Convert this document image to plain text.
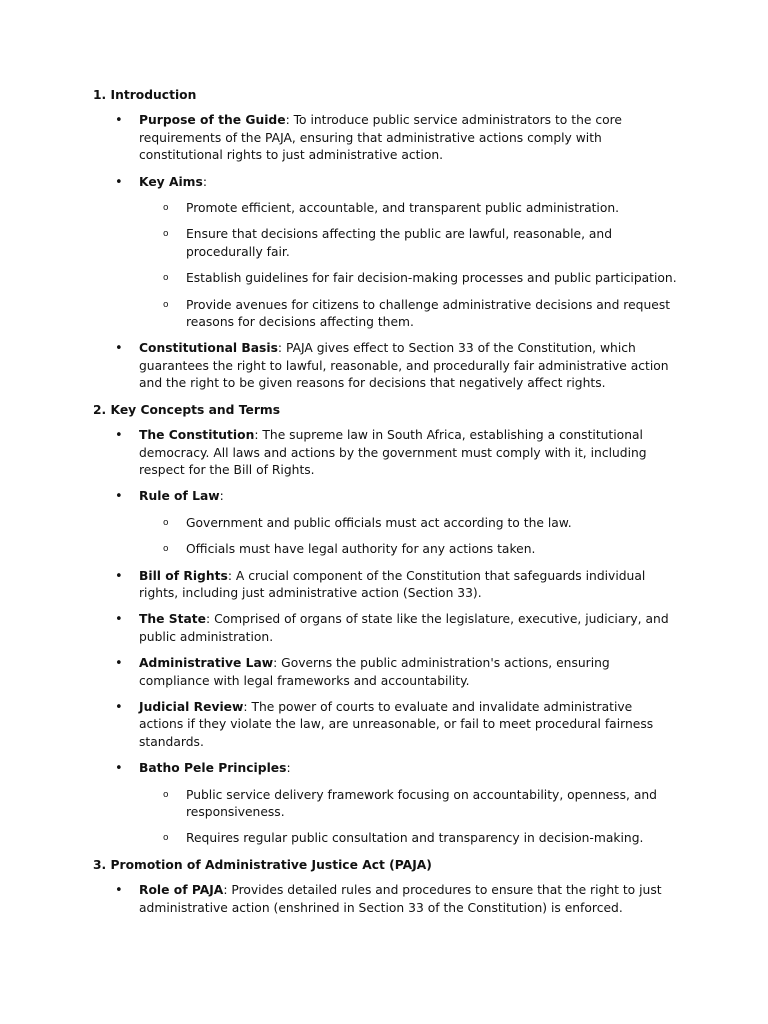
1. Introduction
• Purpose of the Guide: To introduce public service administrators to the core requirements of the PAJA, ensuring that administrative actions comply with constitutional rights to just administrative action.
• Key Aims:
o Promote efficient, accountable, and transparent public administration.
o Ensure that decisions affecting the public are lawful, reasonable, and procedurally fair.
o Establish guidelines for fair decision-making processes and public participation.
o Provide avenues for citizens to challenge administrative decisions and request reasons for decisions affecting them.
• Constitutional Basis: PAJA gives effect to Section 33 of the Constitution, which guarantees the right to lawful, reasonable, and procedurally fair administrative action and the right to be given reasons for decisions that negatively affect rights.
2. Key Concepts and Terms
• The Constitution: The supreme law in South Africa, establishing a constitutional democracy. All laws and actions by the government must comply with it, including respect for the Bill of Rights.
• Rule of Law:
o Government and public officials must act according to the law.
o Officials must have legal authority for any actions taken.
• Bill of Rights: A crucial component of the Constitution that safeguards individual rights, including just administrative action (Section 33).
• The State: Comprised of organs of state like the legislature, executive, judiciary, and public administration.
• Administrative Law: Governs the public administration's actions, ensuring compliance with legal frameworks and accountability.
• Judicial Review: The power of courts to evaluate and invalidate administrative actions if they violate the law, are unreasonable, or fail to meet procedural fairness standards.
• Batho Pele Principles:
o Public service delivery framework focusing on accountability, openness, and responsiveness.
o Requires regular public consultation and transparency in decision-making.
3. Promotion of Administrative Justice Act (PAJA)
• Role of PAJA: Provides detailed rules and procedures to ensure that the right to just administrative action (enshrined in Section 33 of the Constitution) is enforced.
